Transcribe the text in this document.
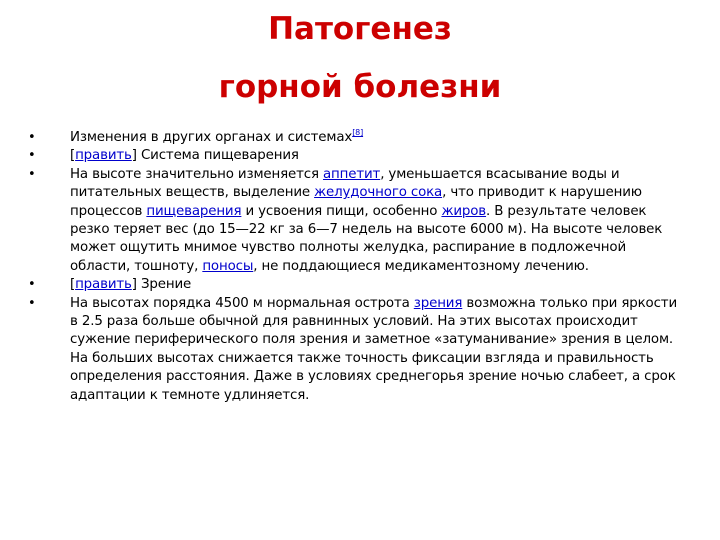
Патогенез
горной болезни
•	Изменения в других органах и системах[8]
•	[править] Система пищеварения
•	На высоте значительно изменяется аппетит, уменьшается всасывание воды и питательных веществ, выделение желудочного сока, что приводит к нарушению процессов пищеварения и усвоения пищи, особенно жиров. В результате человек резко теряет вес (до 15—22 кг за 6—7 недель на высоте 6000 м). На высоте человек может ощутить мнимое чувство полноты желудка, распирание в подложечной области, тошноту, поносы, не поддающиеся медикаментозному лечению.
•	[править] Зрение
•	На высотах порядка 4500 м нормальная острота зрения возможна только при яркости в 2.5 раза больше обычной для равнинных условий. На этих высотах происходит сужение периферического поля зрения и заметное «затуманивание» зрения в целом. На больших высотах снижается также точность фиксации взгляда и правильность определения расстояния. Даже в условиях среднегорья зрение ночью слабеет, а срок адаптации к темноте удлиняется.
